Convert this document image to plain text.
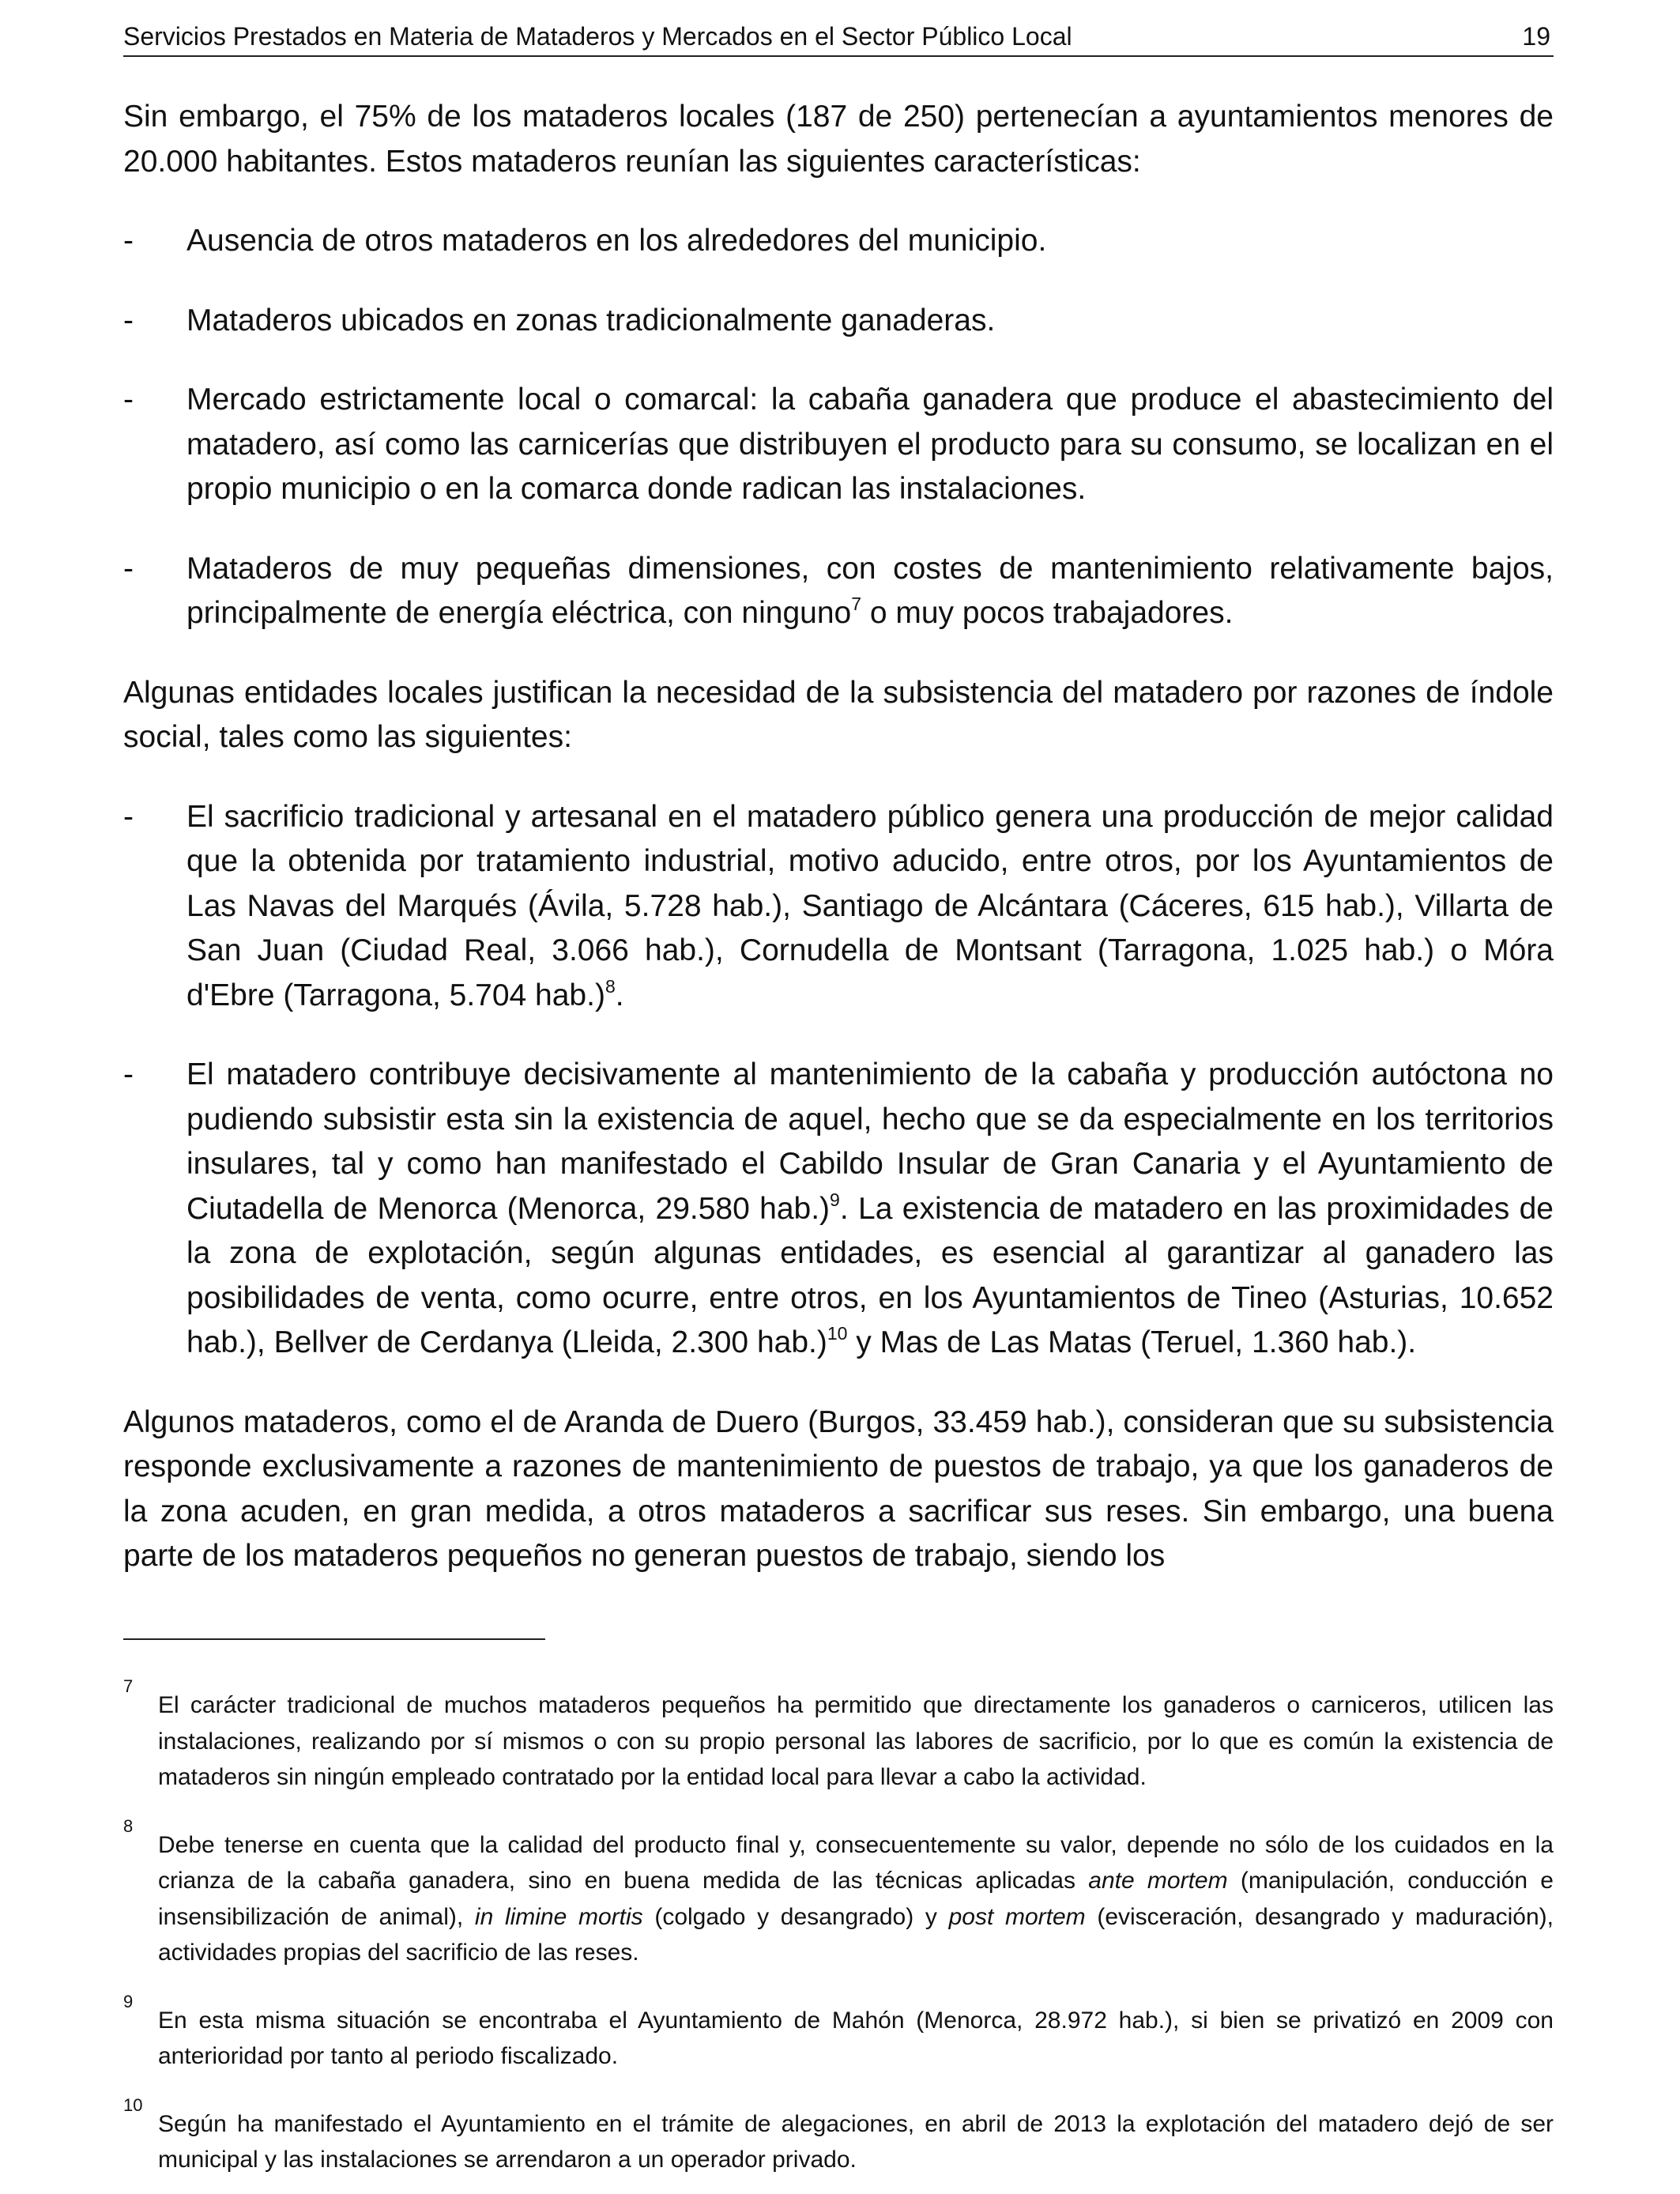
Servicios Prestados en Materia de Mataderos y Mercados en el Sector Público Local	19

Sin embargo, el 75% de los mataderos locales (187 de 250) pertenecían a ayuntamientos menores de 20.000 habitantes. Estos mataderos reunían las siguientes características:

- Ausencia de otros mataderos en los alrededores del municipio.
- Mataderos ubicados en zonas tradicionalmente ganaderas.
- Mercado estrictamente local o comarcal: la cabaña ganadera que produce el abastecimiento del matadero, así como las carnicerías que distribuyen el producto para su consumo, se localizan en el propio municipio o en la comarca donde radican las instalaciones.
- Mataderos de muy pequeñas dimensiones, con costes de mantenimiento relativamente bajos, principalmente de energía eléctrica, con ninguno$^7$ o muy pocos trabajadores.

Algunas entidades locales justifican la necesidad de la subsistencia del matadero por razones de índole social, tales como las siguientes:

- El sacrificio tradicional y artesanal en el matadero público genera una producción de mejor calidad que la obtenida por tratamiento industrial, motivo aducido, entre otros, por los Ayuntamientos de Las Navas del Marqués (Ávila, 5.728 hab.), Santiago de Alcántara (Cáceres, 615 hab.), Villarta de San Juan (Ciudad Real, 3.066 hab.), Cornudella de Montsant (Tarragona, 1.025 hab.) o Móra d'Ebre (Tarragona, 5.704 hab.)$^8$.
- El matadero contribuye decisivamente al mantenimiento de la cabaña y producción autóctona no pudiendo subsistir esta sin la existencia de aquel, hecho que se da especialmente en los territorios insulares, tal y como han manifestado el Cabildo Insular de Gran Canaria y el Ayuntamiento de Ciutadella de Menorca (Menorca, 29.580 hab.)$^9$. La existencia de matadero en las proximidades de la zona de explotación, según algunas entidades, es esencial al garantizar al ganadero las posibilidades de venta, como ocurre, entre otros, en los Ayuntamientos de Tineo (Asturias, 10.652 hab.), Bellver de Cerdanya (Lleida, 2.300 hab.)$^{10}$ y Mas de Las Matas (Teruel, 1.360 hab.).

Algunos mataderos, como el de Aranda de Duero (Burgos, 33.459 hab.), consideran que su subsistencia responde exclusivamente a razones de mantenimiento de puestos de trabajo, ya que los ganaderos de la zona acuden, en gran medida, a otros mataderos a sacrificar sus reses. Sin embargo, una buena parte de los mataderos pequeños no generan puestos de trabajo, siendo los

7
El carácter tradicional de muchos mataderos pequeños ha permitido que directamente los ganaderos o carniceros, utilicen las instalaciones, realizando por sí mismos o con su propio personal las labores de sacrificio, por lo que es común la existencia de mataderos sin ningún empleado contratado por la entidad local para llevar a cabo la actividad.

8
Debe tenerse en cuenta que la calidad del producto final y, consecuentemente su valor, depende no sólo de los cuidados en la crianza de la cabaña ganadera, sino en buena medida de las técnicas aplicadas ante mortem (manipulación, conducción e insensibilización de animal), in limine mortis (colgado y desangrado) y post mortem (evisceración, desangrado y maduración), actividades propias del sacrificio de las reses.

9
En esta misma situación se encontraba el Ayuntamiento de Mahón (Menorca, 28.972 hab.), si bien se privatizó en 2009 con anterioridad por tanto al periodo fiscalizado.

10
Según ha manifestado el Ayuntamiento en el trámite de alegaciones, en abril de 2013 la explotación del matadero dejó de ser municipal y las instalaciones se arrendaron a un operador privado.
